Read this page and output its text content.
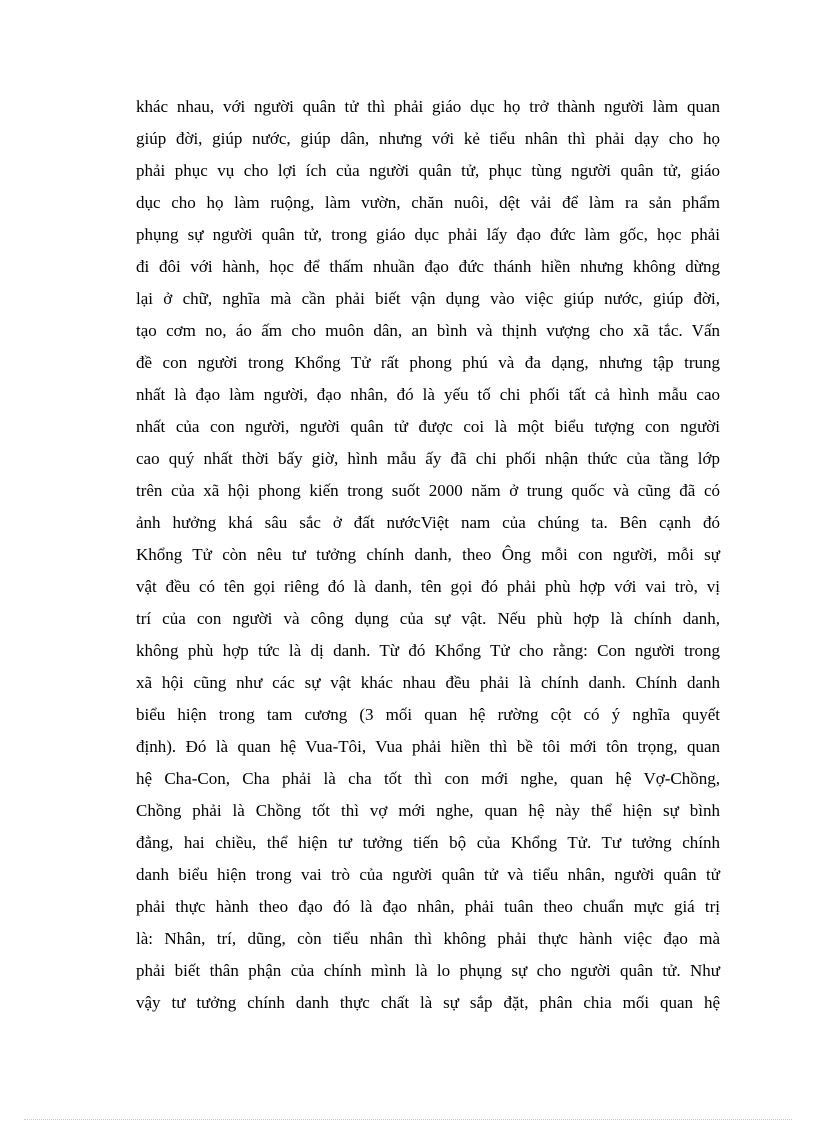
khác nhau, với người quân tử thì phải giáo dục họ trở thành người làm quan
giúp đời, giúp nước, giúp dân, nhưng với kẻ tiểu nhân thì phải dạy cho họ
phải phục vụ cho lợi ích của người quân tử, phục tùng người quân tử, giáo
dục cho họ làm ruộng, làm vườn, chăn nuôi, dệt vải để làm ra sản phẩm
phụng sự người quân tử, trong giáo dục phải lấy đạo đức làm gốc, học phải
đi đôi với hành, học để thấm nhuần đạo đức thánh hiền nhưng không dừng
lại ở chữ, nghĩa mà cần phải biết vận dụng vào việc giúp nước, giúp đời,
tạo cơm no, áo ấm cho muôn dân, an bình và thịnh vượng cho xã tắc. Vấn
đề con người trong Khổng Tử rất phong phú và đa dạng, nhưng tập trung
nhất là đạo làm người, đạo nhân, đó là yếu tố chi phối tất cả hình mẫu cao
nhất của con người, người quân tử được coi là một biểu tượng con người
cao quý nhất thời bấy giờ, hình mẫu ấy đã chi phối nhận thức của tầng lớp
trên của xã hội phong kiến trong suốt 2000 năm ở trung quốc và cũng đã có
ảnh hưởng khá sâu sắc ở đất nướcViệt nam của chúng ta. Bên cạnh đó
Khổng Tử còn nêu tư tưởng chính danh, theo Ông mỗi con người, mỗi sự
vật đều có tên gọi riêng đó là danh, tên gọi đó phải phù hợp với vai trò, vị
trí của con người và công dụng của sự vật. Nếu phù hợp là chính danh,
không phù hợp tức là dị danh. Từ đó Khổng Tử cho rằng: Con người trong
xã hội cũng như các sự vật khác nhau đều phải là chính danh. Chính danh
biểu hiện trong tam cương (3 mối quan hệ rường cột có ý nghĩa quyết
định). Đó là quan hệ Vua-Tôi, Vua phải hiền thì bề tôi mới tôn trọng, quan
hệ Cha-Con, Cha phải là cha tốt thì con mới nghe, quan hệ Vợ-Chồng,
Chồng phải là Chồng tốt thì vợ mới nghe, quan hệ này thể hiện sự bình
đẳng, hai chiều, thể hiện tư tưởng tiến bộ của Khổng Tử. Tư tưởng chính
danh biểu hiện trong vai trò của người quân tử và tiểu nhân, người quân tử
phải thực hành theo đạo đó là đạo nhân, phải tuân theo chuẩn mực giá trị
là: Nhân, trí, dũng, còn tiểu nhân thì không phải thực hành việc đạo mà
phải biết thân phận của chính mình là lo phụng sự cho người quân tử. Như
vậy tư tưởng chính danh thực chất là sự sắp đặt, phân chia mối quan hệ
